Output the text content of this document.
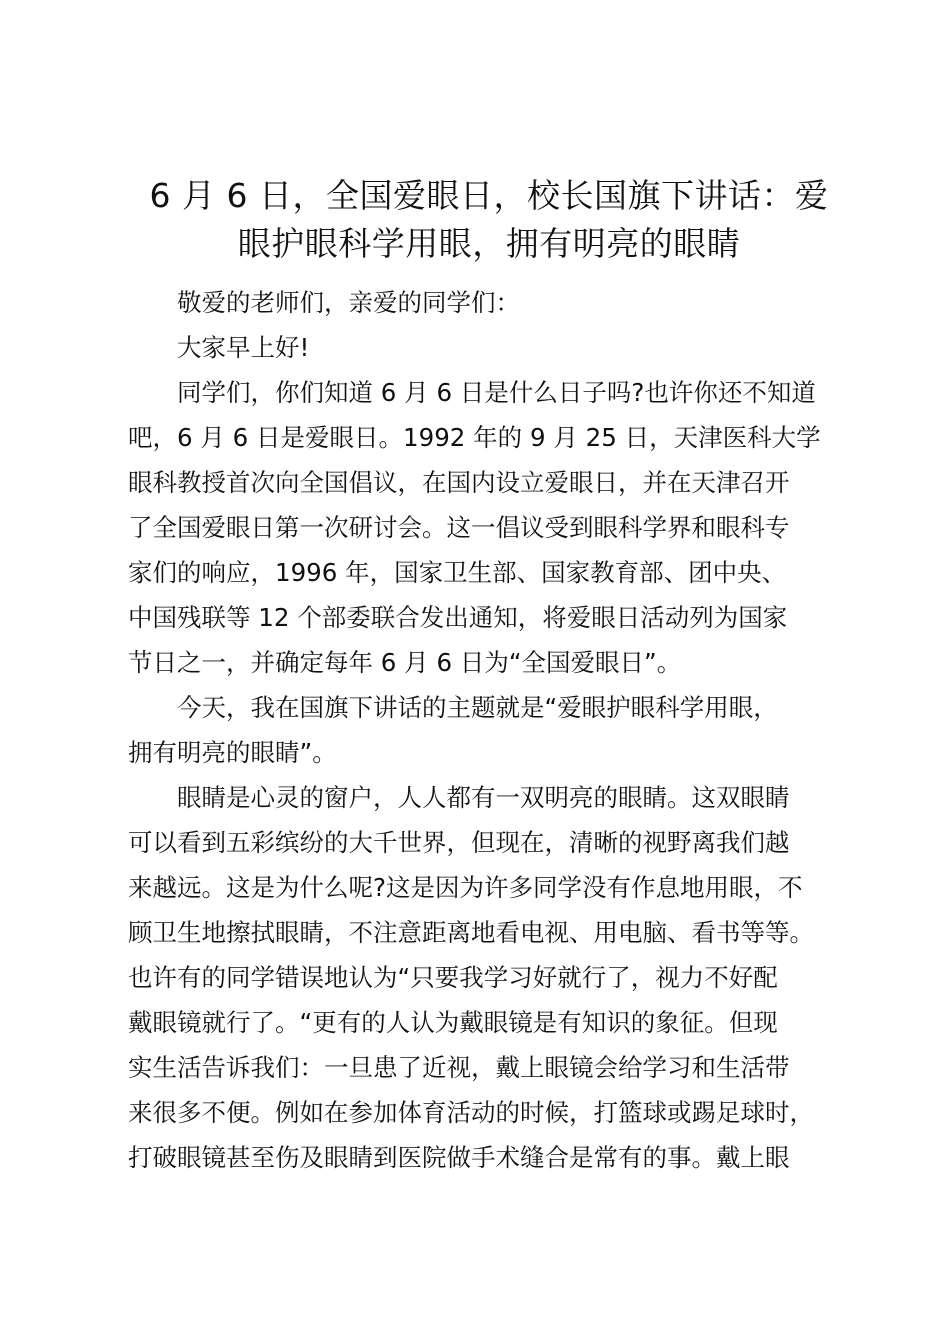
6 月 6 日，全国爱眼日，校长国旗下讲话：爱
眼护眼科学用眼，拥有明亮的眼睛

敬爱的老师们，亲爱的同学们：

大家早上好!

同学们，你们知道 6 月 6 日是什么日子吗?也许你还不知道
吧，6 月 6 日是爱眼日。1992 年的 9 月 25 日，天津医科大学
眼科教授首次向全国倡议，在国内设立爱眼日，并在天津召开
了全国爱眼日第一次研讨会。这一倡议受到眼科学界和眼科专
家们的响应，1996 年，国家卫生部、国家教育部、团中央、
中国残联等 12 个部委联合发出通知，将爱眼日活动列为国家
节日之一，并确定每年 6 月 6 日为“全国爱眼日”。

今天，我在国旗下讲话的主题就是“爱眼护眼科学用眼，
拥有明亮的眼睛”。

眼睛是心灵的窗户，人人都有一双明亮的眼睛。这双眼睛
可以看到五彩缤纷的大千世界，但现在，清晰的视野离我们越
来越远。这是为什么呢?这是因为许多同学没有作息地用眼，不
顾卫生地擦拭眼睛，不注意距离地看电视、用电脑、看书等等。
也许有的同学错误地认为“只要我学习好就行了，视力不好配
戴眼镜就行了。“更有的人认为戴眼镜是有知识的象征。但现
实生活告诉我们：一旦患了近视，戴上眼镜会给学习和生活带
来很多不便。例如在参加体育活动的时候，打篮球或踢足球时，
打破眼镜甚至伤及眼睛到医院做手术缝合是常有的事。戴上眼
